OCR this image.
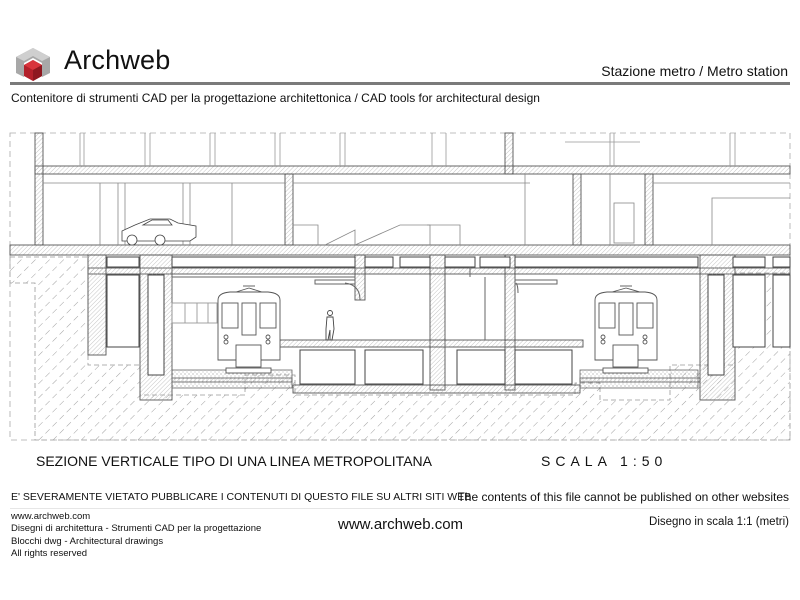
Archweb	Stazione metro / Metro station
Contenitore di strumenti CAD per la progettazione architettonica / CAD tools for architectural design
SEZIONE VERTICALE TIPO DI UNA LINEA METROPOLITANA	SCALA 1:50
E' SEVERAMENTE VIETATO PUBBLICARE I CONTENUTI DI QUESTO FILE SU ALTRI SITI WEB
The contents of this file cannot be published on other websites
www.archweb.com
Disegni di architettura - Strumenti CAD per la progettazione
Blocchi dwg - Architectural drawings
All rights reserved
www.archweb.com	Disegno in scala 1:1 (metri)
